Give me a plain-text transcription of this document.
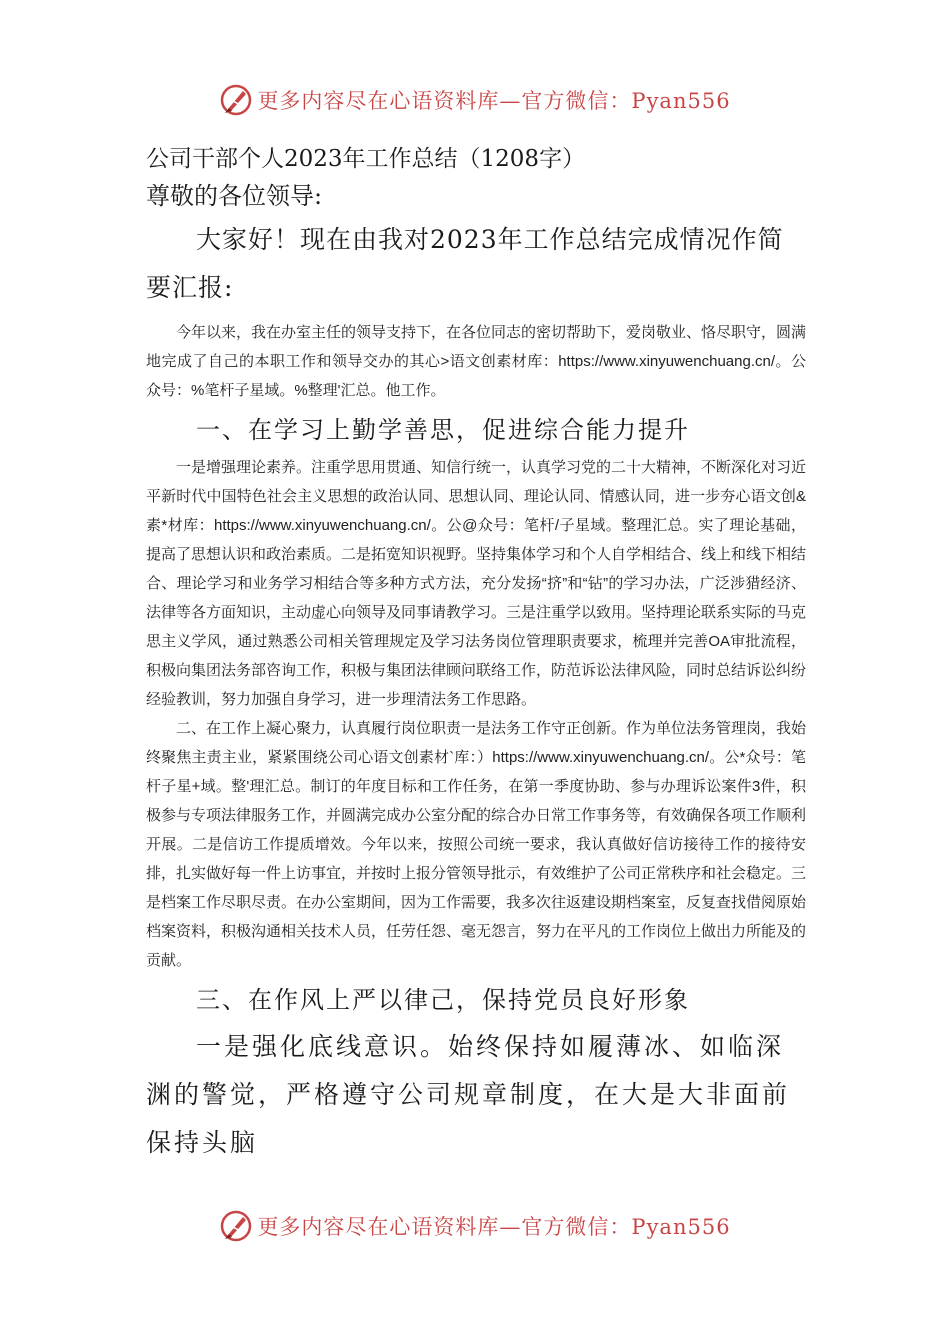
更多内容尽在心语资料库—官方微信：Pyan556

公司干部个人2023年工作总结（1208字）

尊敬的各位领导:

大家好！现在由我对2023年工作总结完成情况作简要汇报:

今年以来，我在办室主任的领导支持下，在各位同志的密切帮助下，爱岗敬业、恪尽职守，圆满地完成了自己的本职工作和领导交办的其心>语文创素材库：https://www.xinyuwenchuang.cn/。公众号：%笔杆子星域。%整理'汇总。他工作。

一、在学习上勤学善思，促进综合能力提升

一是增强理论素养。注重学思用贯通、知信行统一，认真学习党的二十大精神，不断深化对习近平新时代中国特色社会主义思想的政治认同、思想认同、理论认同、情感认同，进一步夯心语文创&素*材库：https://www.xinyuwenchuang.cn/。公@众号：笔杆/子星域。整理汇总。实了理论基础，提高了思想认识和政治素质。二是拓宽知识视野。坚持集体学习和个人自学相结合、线上和线下相结合、理论学习和业务学习相结合等多种方式方法，充分发扬“挤”和“钻”的学习办法，广泛涉猎经济、法律等各方面知识，主动虚心向领导及同事请教学习。三是注重学以致用。坚持理论联系实际的马克思主义学风，通过熟悉公司相关管理规定及学习法务岗位管理职责要求，梳理并完善OA审批流程，积极向集团法务部咨询工作，积极与集团法律顾问联络工作，防范诉讼法律风险，同时总结诉讼纠纷经验教训，努力加强自身学习，进一步理清法务工作思路。

二、在工作上凝心聚力，认真履行岗位职责一是法务工作守正创新。作为单位法务管理岗，我始终聚焦主责主业，紧紧围绕公司心语文创素材`库：）https://www.xinyuwenchuang.cn/。公*众号：笔杆子星+域。整'理汇总。制订的年度目标和工作任务，在第一季度协助、参与办理诉讼案件3件，积极参与专项法律服务工作，并圆满完成办公室分配的综合办日常工作事务等，有效确保各项工作顺利开展。二是信访工作提质增效。今年以来，按照公司统一要求，我认真做好信访接待工作的接待安排，扎实做好每一件上访事宜，并按时上报分管领导批示，有效维护了公司正常秩序和社会稳定。三是档案工作尽职尽责。在办公室期间，因为工作需要，我多次往返建设期档案室，反复查找借阅原始档案资料，积极沟通相关技术人员，任劳任怨、毫无怨言，努力在平凡的工作岗位上做出力所能及的贡献。

三、在作风上严以律己，保持党员良好形象

一是强化底线意识。始终保持如履薄冰、如临深渊的警觉，严格遵守公司规章制度，在大是大非面前保持头脑

更多内容尽在心语资料库—官方微信：Pyan556
